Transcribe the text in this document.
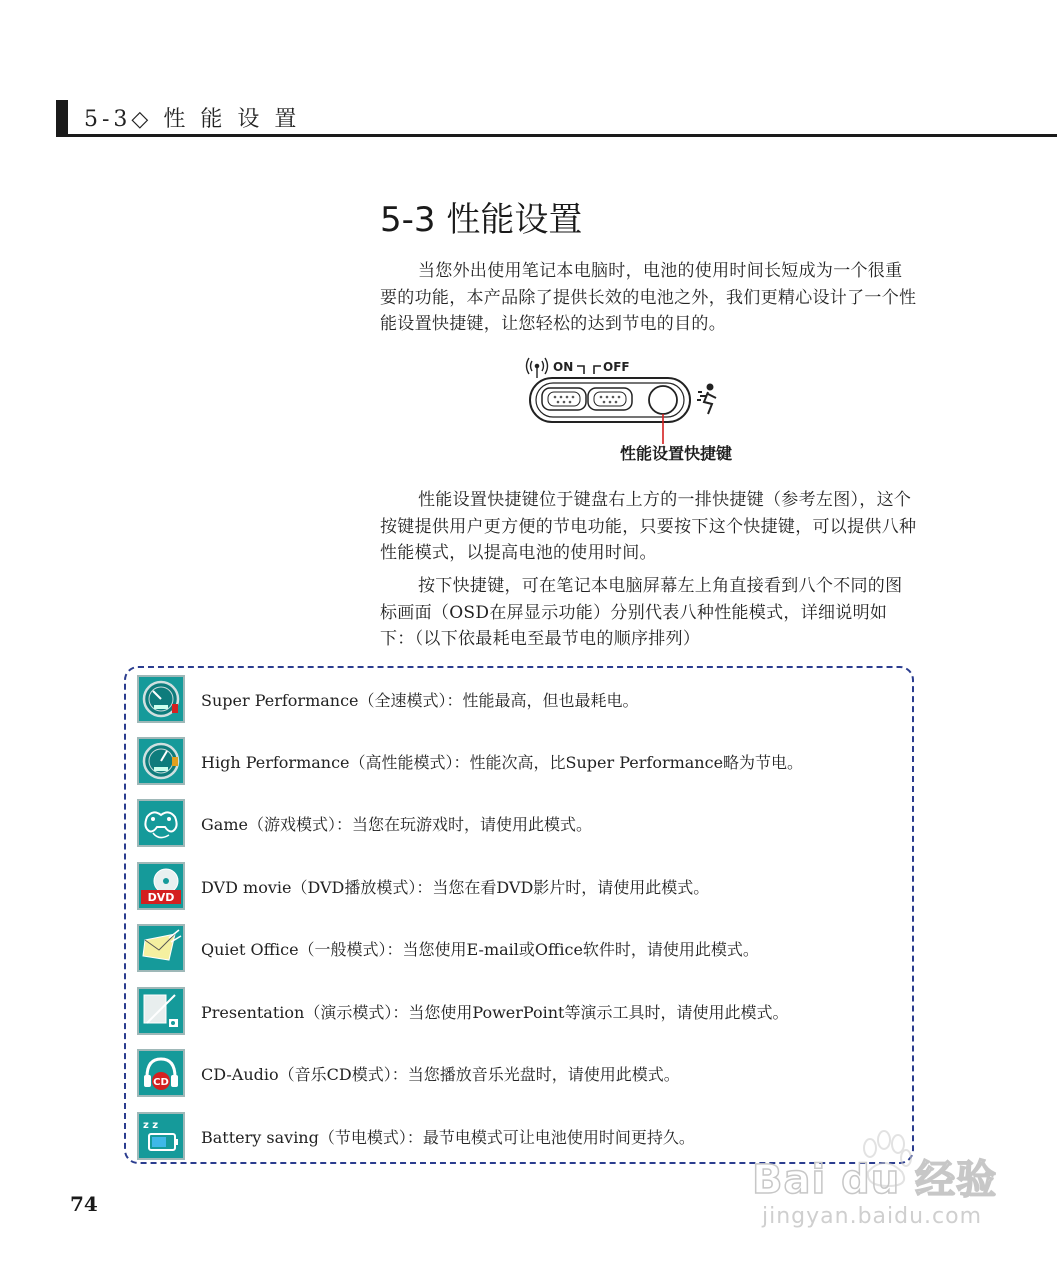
5-3◇ 性 能 设 置
5-3 性能设置

当您外出使用笔记本电脑时，电池的使用时间长短成为一个很重要的功能，本产品除了提供长效的电池之外，我们更精心设计了一个性能设置快捷键，让您轻松的达到节电的目的。

ON OFF
性能设置快捷键

性能设置快捷键位于键盘右上方的一排快捷键（参考左图），这个按键提供用户更方便的节电功能，只要按下这个快捷键，可以提供八种性能模式，以提高电池的使用时间。

按下快捷键，可在笔记本电脑屏幕左上角直接看到八个不同的图标画面（OSD在屏显示功能）分别代表八种性能模式，详细说明如下：（以下依最耗电至最节电的顺序排列）

Super Performance（全速模式）：性能最高，但也最耗电。
High Performance（高性能模式）：性能次高，比Super Performance略为节电。
Game（游戏模式）：当您在玩游戏时，请使用此模式。
DVD
DVD movie（DVD播放模式）：当您在看DVD影片时，请使用此模式。
Quiet Office（一般模式）：当您使用E-mail或Office软件时，请使用此模式。
Presentation（演示模式）：当您使用PowerPoint等演示工具时，请使用此模式。
CD CD-Audio（音乐CD模式）：当您播放音乐光盘时，请使用此模式。
z z
Battery saving（节电模式）：最节电模式可让电池使用时间更持久。
74
Bai du 经验
jingyan.baidu.com
